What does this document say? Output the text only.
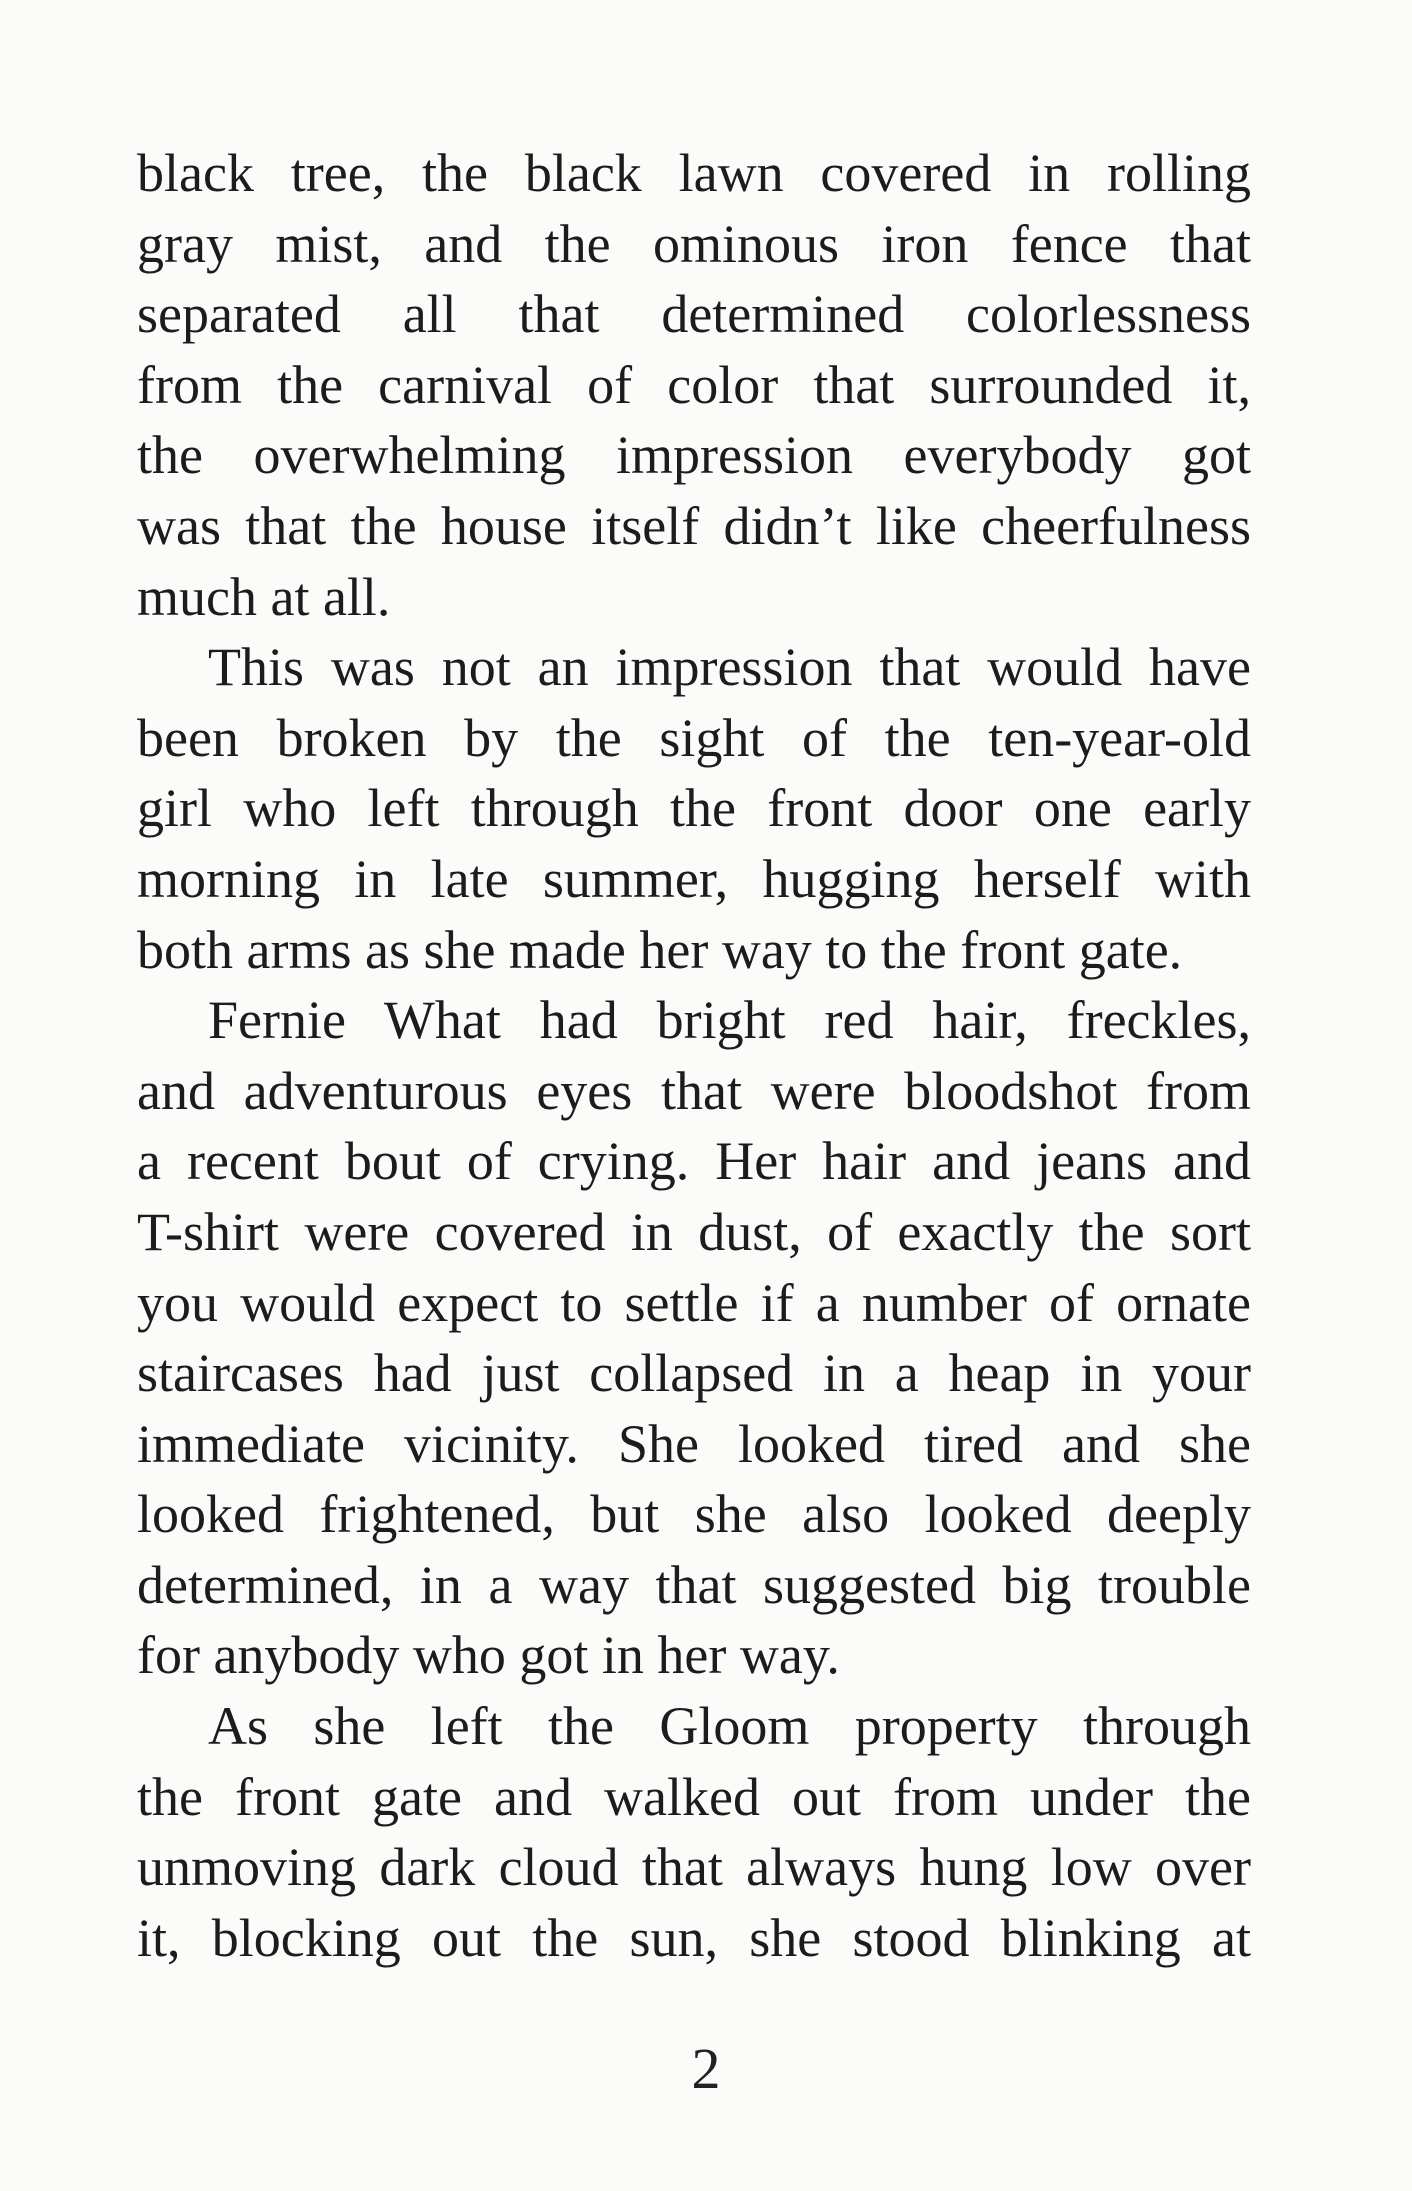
black tree, the black lawn covered in rolling
gray mist, and the ominous iron fence that
separated all that determined colorlessness
from the carnival of color that surrounded it,
the overwhelming impression everybody got
was that the house itself didn’t like cheerfulness
much at all.
This was not an impression that would have
been broken by the sight of the ten-year-old
girl who left through the front door one early
morning in late summer, hugging herself with
both arms as she made her way to the front gate.
Fernie What had bright red hair, freckles,
and adventurous eyes that were bloodshot from
a recent bout of crying. Her hair and jeans and
T-shirt were covered in dust, of exactly the sort
you would expect to settle if a number of ornate
staircases had just collapsed in a heap in your
immediate vicinity. She looked tired and she
looked frightened, but she also looked deeply
determined, in a way that suggested big trouble
for anybody who got in her way.
As she left the Gloom property through
the front gate and walked out from under the
unmoving dark cloud that always hung low over
it, blocking out the sun, she stood blinking at
2
